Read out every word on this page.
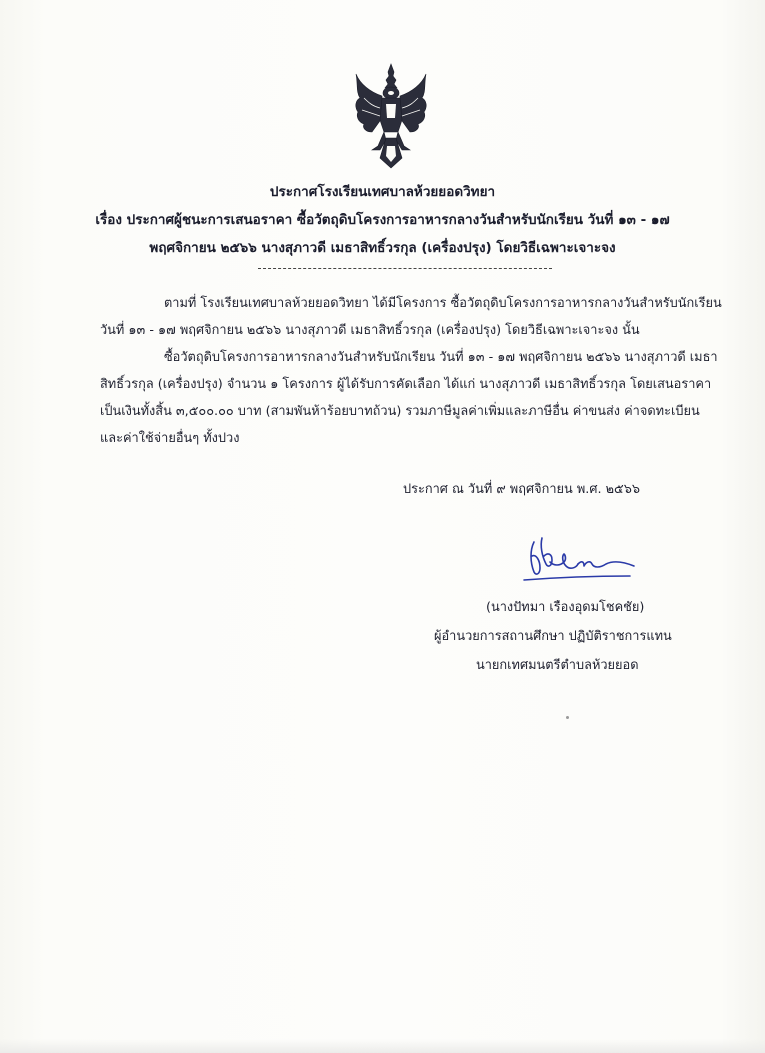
ประกาศโรงเรียนเทศบาลห้วยยอดวิทยา
เรื่อง ประกาศผู้ชนะการเสนอราคา ซื้อวัตถุดิบโครงการอาหารกลางวันสำหรับนักเรียน วันที่ ๑๓ - ๑๗
พฤศจิกายน ๒๕๖๖ นางสุภาวดี เมธาสิทธิ์วรกุล (เครื่องปรุง) โดยวิธีเฉพาะเจาะจง
ตามที่ โรงเรียนเทศบาลห้วยยอดวิทยา ได้มีโครงการ ซื้อวัตถุดิบโครงการอาหารกลางวันสำหรับนักเรียน
วันที่ ๑๓ - ๑๗ พฤศจิกายน ๒๕๖๖ นางสุภาวดี เมธาสิทธิ์วรกุล (เครื่องปรุง) โดยวิธีเฉพาะเจาะจง นั้น
ซื้อวัตถุดิบโครงการอาหารกลางวันสำหรับนักเรียน วันที่ ๑๓ - ๑๗ พฤศจิกายน ๒๕๖๖ นางสุภาวดี เมธา
สิทธิ์วรกุล (เครื่องปรุง) จำนวน ๑ โครงการ ผู้ได้รับการคัดเลือก ได้แก่ นางสุภาวดี เมธาสิทธิ์วรกุล โดยเสนอราคา
เป็นเงินทั้งสิ้น ๓,๕๐๐.๐๐ บาท (สามพันห้าร้อยบาทถ้วน) รวมภาษีมูลค่าเพิ่มและภาษีอื่น ค่าขนส่ง ค่าจดทะเบียน
และค่าใช้จ่ายอื่นๆ ทั้งปวง
ประกาศ ณ วันที่ ๙ พฤศจิกายน พ.ศ. ๒๕๖๖
(นางปัทมา เรืองอุดมโชคชัย)
ผู้อำนวยการสถานศึกษา ปฏิบัติราชการแทน
นายกเทศมนตรีตำบลห้วยยอด
